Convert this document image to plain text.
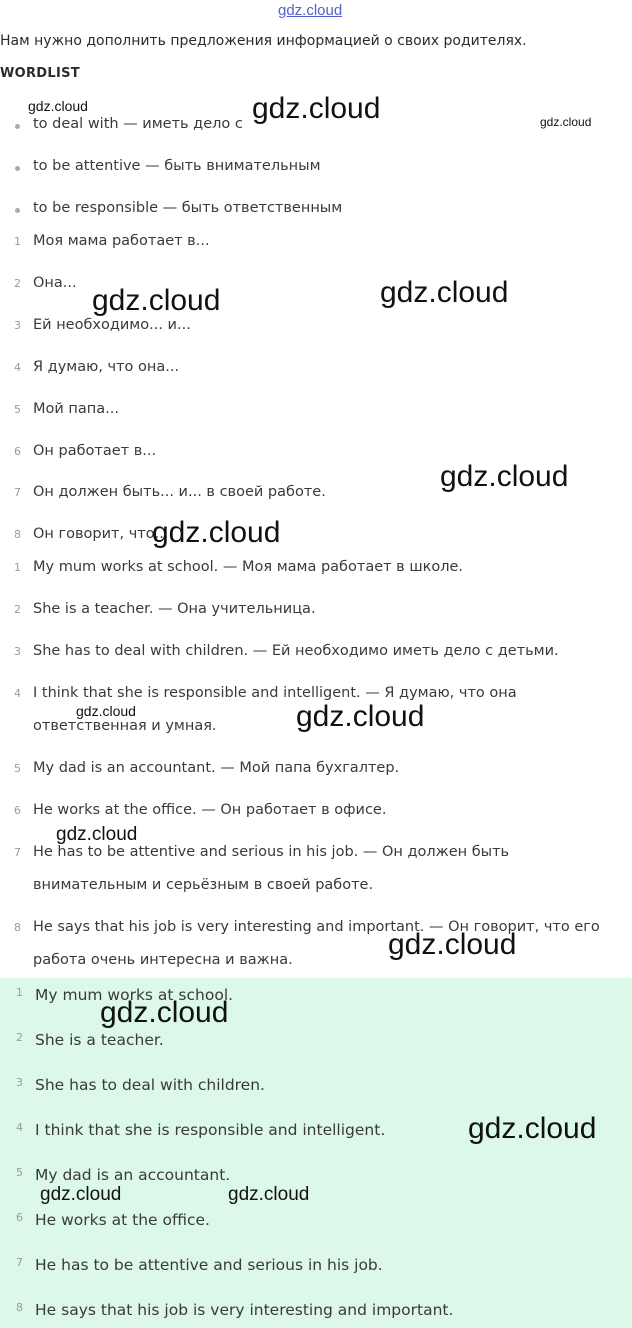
Нам нужно дополнить предложения информацией о своих родителях.
WORDLIST
to deal with — иметь дело с
to be attentive — быть внимательным
to be responsible — быть ответственным
1 Моя мама работает в...
2 Она...
3 Ей необходимо... и...
4 Я думаю, что она...
5 Мой папа...
6 Он работает в...
7 Он должен быть... и... в своей работе.
8 Он говорит, что...
1 My mum works at school. — Моя мама работает в школе.
2 She is a teacher. — Она учительница.
3 She has to deal with children. — Ей необходимо иметь дело с детьми.
4 I think that she is responsible and intelligent. — Я думаю, что она
ответственная и умная.
5 My dad is an accountant. — Мой папа бухгалтер.
6 He works at the office. — Он работает в офисе.
7 He has to be attentive and serious in his job. — Он должен быть
внимательным и серьёзным в своей работе.
8 He says that his job is very interesting and important. — Он говорит, что его
работа очень интересна и важна.
1 My mum works at school.
2 She is a teacher.
3 She has to deal with children.
4 I think that she is responsible and intelligent.
5 My dad is an accountant.
6 He works at the office.
7 He has to be attentive and serious in his job.
8 He says that his job is very interesting and important.
gdz.cloud
gdz.cloud	gdz.cloud	gdz.cloud
gdz.cloud	gdz.cloud
gdz.cloud
gdz.cloud
gdz.cloud	gdz.cloud
gdz.cloud
gdz.cloud
gdz.cloud
gdz.cloud
gdz.cloud	gdz.cloud
